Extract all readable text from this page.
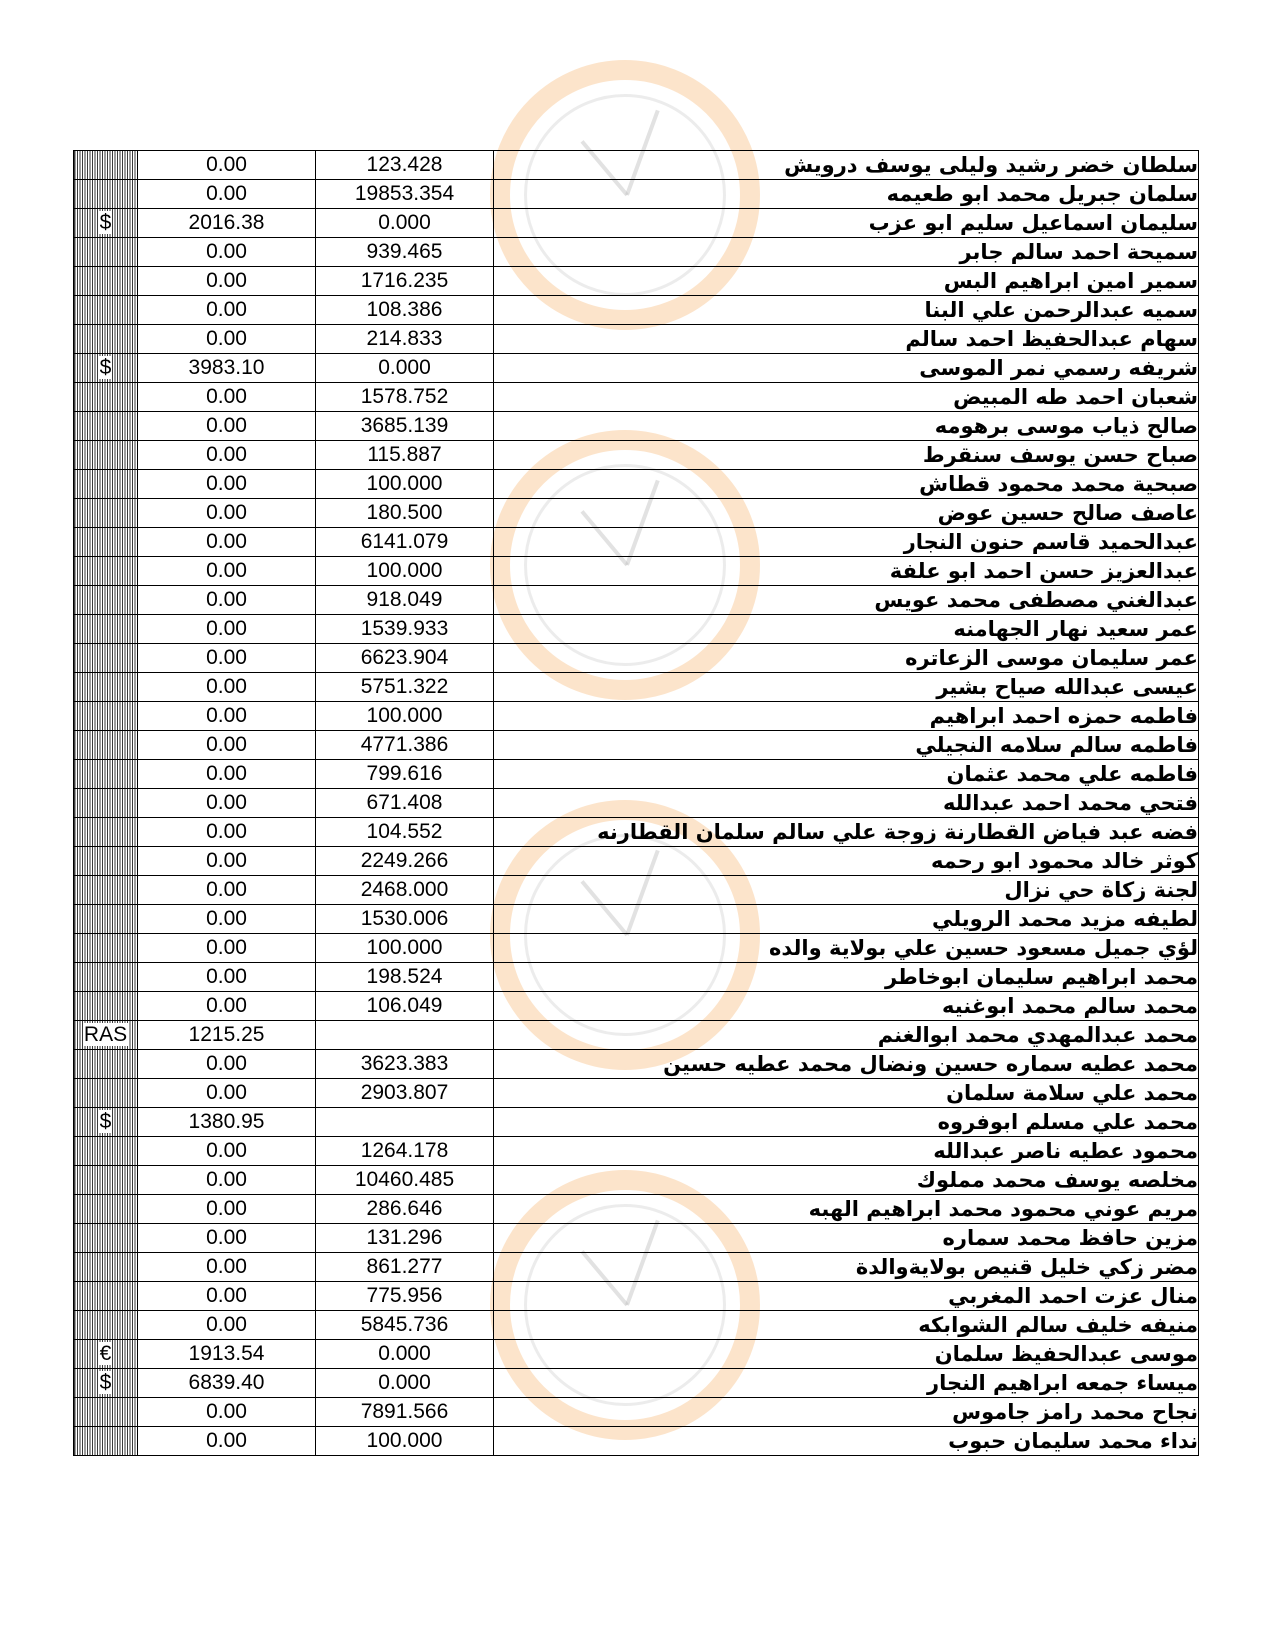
	0.00	123.428	سلطان خضر رشيد وليلى يوسف درويش
	0.00	19853.354	سلمان جبريل محمد ابو طعيمه
$	2016.38	0.000	سليمان اسماعيل سليم ابو عزب
	0.00	939.465	سميحة احمد سالم جابر
	0.00	1716.235	سمير امين ابراهيم البس
	0.00	108.386	سميه عبدالرحمن علي البنا
	0.00	214.833	سهام عبدالحفيظ احمد سالم
$	3983.10	0.000	شريفه رسمي نمر الموسى
	0.00	1578.752	شعبان احمد طه المبيض
	0.00	3685.139	صالح ذياب موسى برهومه
	0.00	115.887	صباح حسن يوسف سنقرط
	0.00	100.000	صبحية محمد محمود قطاش
	0.00	180.500	عاصف صالح حسين عوض
	0.00	6141.079	عبدالحميد قاسم حنون النجار
	0.00	100.000	عبدالعزيز حسن احمد ابو علفة
	0.00	918.049	عبدالغني مصطفى محمد عويس
	0.00	1539.933	عمر سعيد نهار الجهامنه
	0.00	6623.904	عمر سليمان موسى الزعاتره
	0.00	5751.322	عيسى عبدالله صياح بشير
	0.00	100.000	فاطمه حمزه احمد ابراهيم
	0.00	4771.386	فاطمه سالم سلامه النجيلي
	0.00	799.616	فاطمه علي محمد عثمان
	0.00	671.408	فتحي محمد احمد عبدالله
	0.00	104.552	فضه عبد فياض القطارنة زوجة علي سالم سلمان القطارنه
	0.00	2249.266	كوثر خالد محمود ابو رحمه
	0.00	2468.000	لجنة زكاة حي نزال
	0.00	1530.006	لطيفه مزيد محمد الرويلي
	0.00	100.000	لؤي جميل مسعود حسين علي بولاية والده
	0.00	198.524	محمد ابراهيم سليمان ابوخاطر
	0.00	106.049	محمد سالم محمد ابوغنيه
RAS	1215.25		محمد عبدالمهدي محمد ابوالغنم
	0.00	3623.383	محمد عطيه سماره حسين ونضال محمد عطيه حسين
	0.00	2903.807	محمد علي سلامة سلمان
$	1380.95		محمد علي مسلم ابوفروه
	0.00	1264.178	محمود عطيه ناصر عبدالله
	0.00	10460.485	مخلصه يوسف محمد مملوك
	0.00	286.646	مريم عوني محمود محمد ابراهيم الهبه
	0.00	131.296	مزين حافظ محمد سماره
	0.00	861.277	مضر زكي خليل قنيص بولايةوالدة
	0.00	775.956	منال عزت احمد المغربي
	0.00	5845.736	منيفه خليف سالم الشوابكه
€	1913.54	0.000	موسى عبدالحفيظ سلمان
$	6839.40	0.000	ميساء جمعه ابراهيم النجار
	0.00	7891.566	نجاح محمد رامز جاموس
	0.00	100.000	نداء محمد سليمان حبوب
